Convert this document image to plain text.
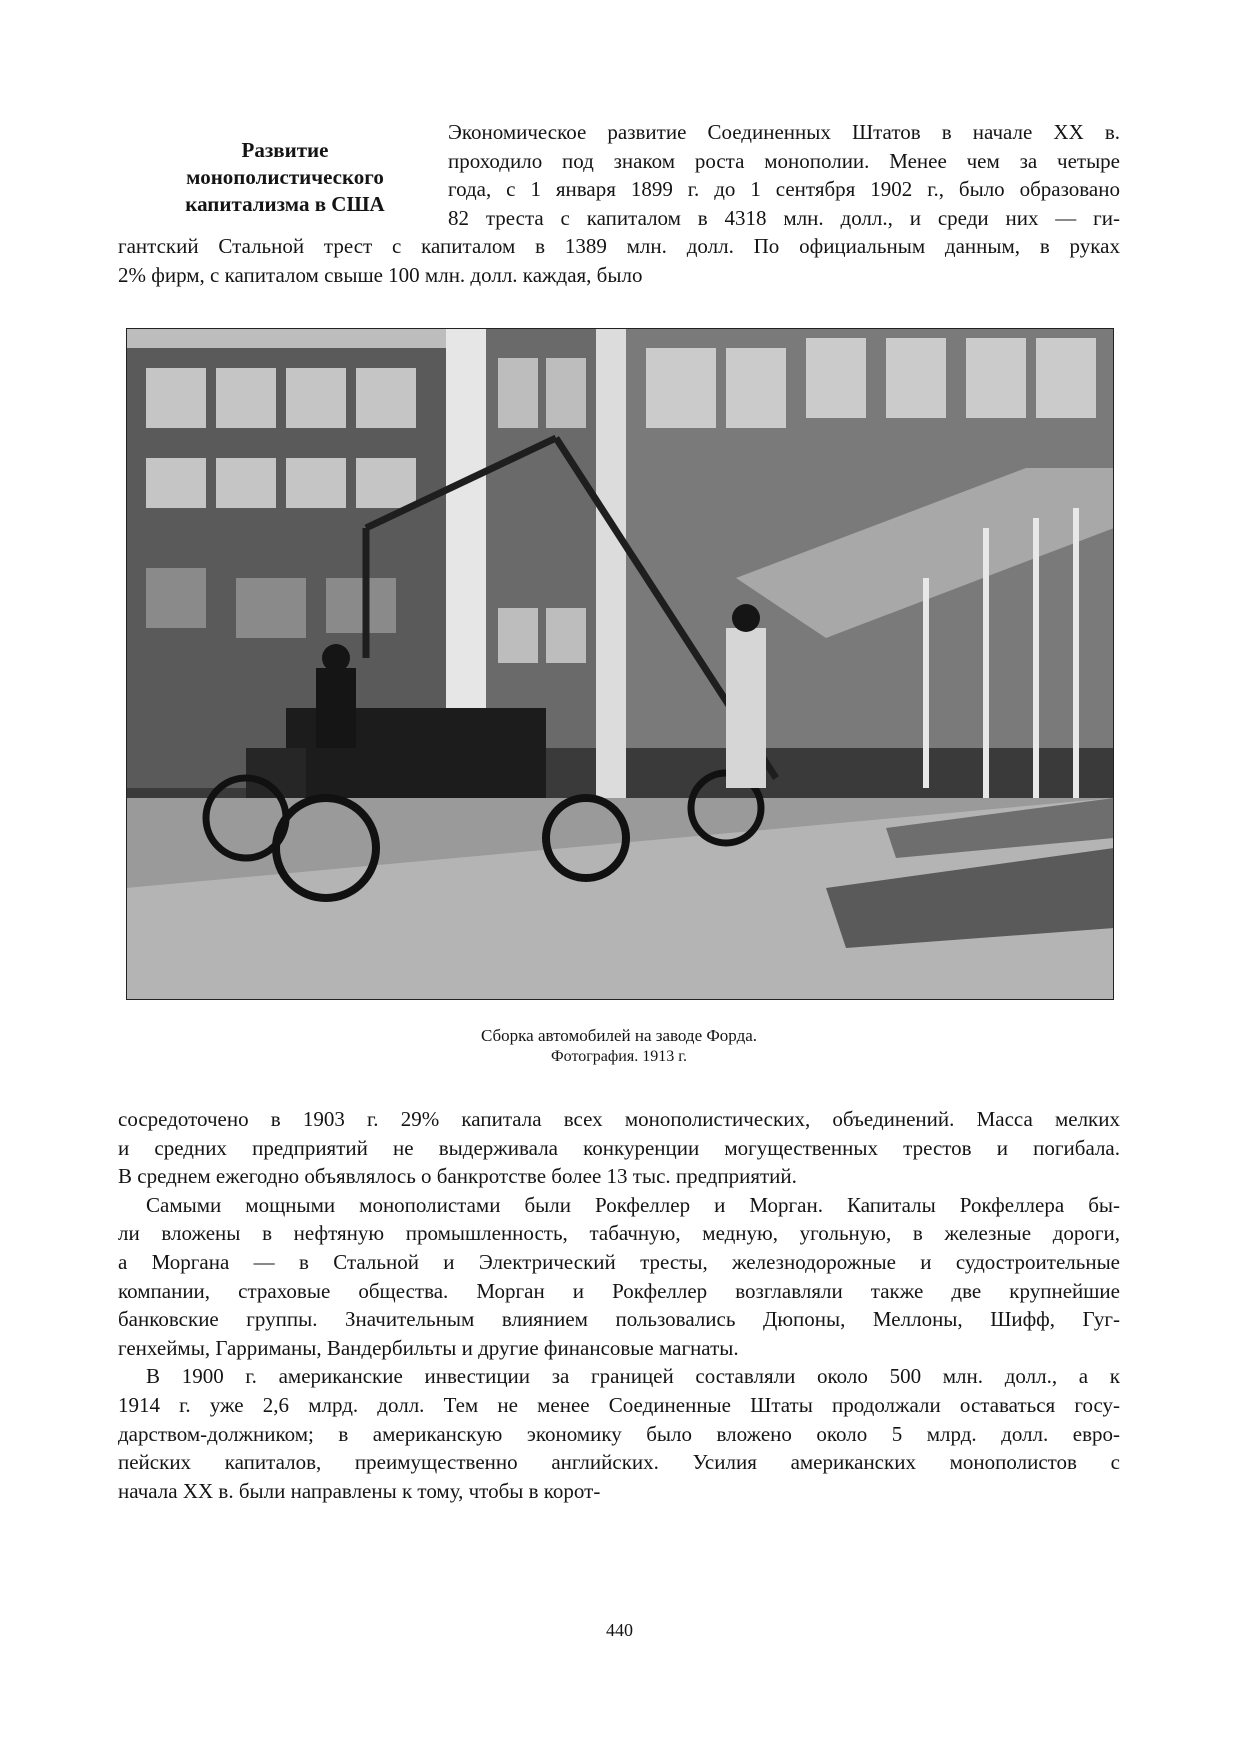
Развитие
монополистического
капитализма в США
Экономическое развитие Соединенных Штатов в начале XX в.
проходило под знаком роста монополии. Менее чем за четыре
года, с 1 января 1899 г. до 1 сентября 1902 г., было образовано
82 треста с капиталом в 4318 млн. долл., и среди них — ги-
гантский Стальной трест с капиталом в 1389 млн. долл. По официальным данным, в руках
2% фирм, с капиталом свыше 100 млн. долл. каждая, было
Сборка автомобилей на заводе Форда.
Фотография. 1913 г.
сосредоточено в 1903 г. 29% капитала всех монополистических, объединений. Масса мелких
и средних предприятий не выдерживала конкуренции могущественных трестов и погибала.
В среднем ежегодно объявлялось о банкротстве более 13 тыс. предприятий.
Самыми мощными монополистами были Рокфеллер и Морган. Капиталы Рокфеллера бы-
ли вложены в нефтяную промышленность, табачную, медную, угольную, в железные дороги,
а Моргана — в Стальной и Электрический тресты, железнодорожные и судостроительные
компании, страховые общества. Морган и Рокфеллер возглавляли также две крупнейшие
банковские группы. Значительным влиянием пользовались Дюпоны, Меллоны, Шифф, Гуг-
генхеймы, Гарриманы, Вандербильты и другие финансовые магнаты.
В 1900 г. американские инвестиции за границей составляли около 500 млн. долл., а к
1914 г. уже 2,6 млрд. долл. Тем не менее Соединенные Штаты продолжали оставаться госу-
дарством-должником; в американскую экономику было вложено около 5 млрд. долл. евро-
пейских капиталов, преимущественно английских. Усилия американских монополистов с
начала XX в. были направлены к тому, чтобы в корот-
440
